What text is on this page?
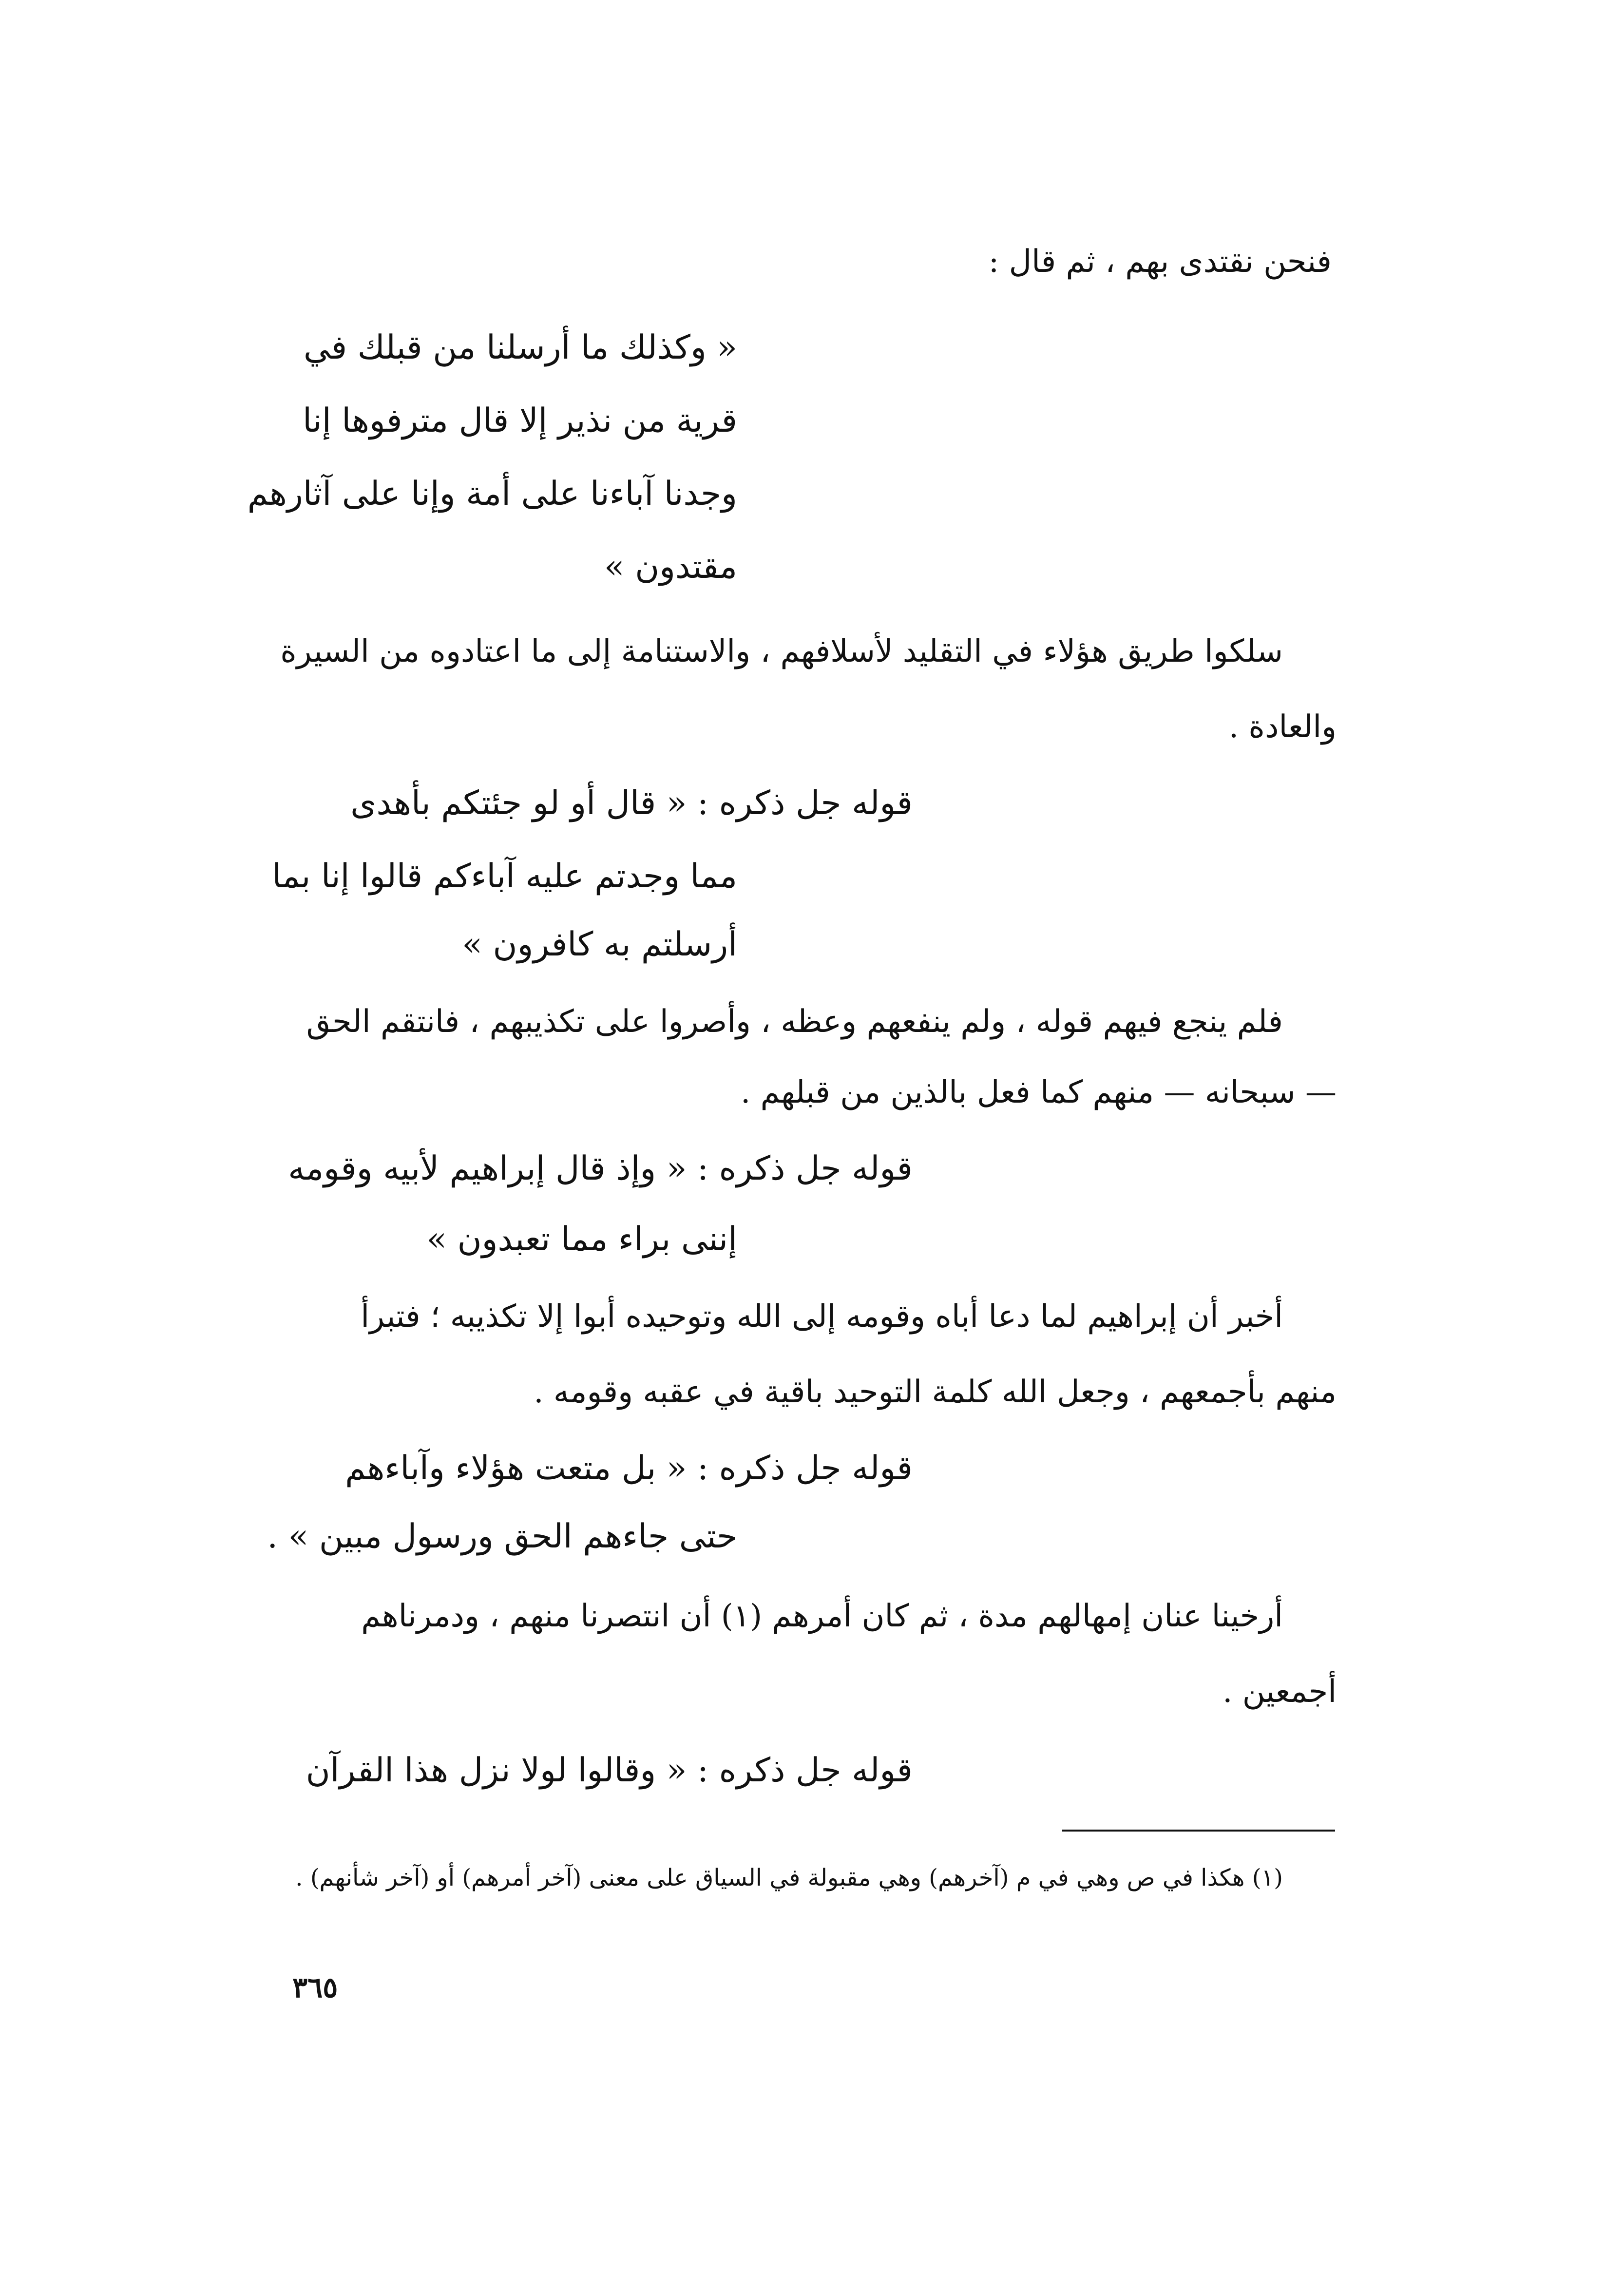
فنحن نقتدى بهم ، ثم قال :
« وكذلك ما أرسلنا من قبلك في
قرية من نذير إلا قال مترفوها إنا
وجدنا آباءنا على أمة وإنا على آثارهم
مقتدون »
سلكوا طريق هؤلاء في التقليد لأسلافهم ، والاستنامة إلى ما اعتادوه من السيرة
والعادة .
قوله جل ذكره : « قال أو لو جئتكم بأهدى
مما وجدتم عليه آباءكم قالوا إنا بما
أرسلتم به كافرون »
فلم ينجع فيهم قوله ، ولم ينفعهم وعظه ، وأصروا على تكذيبهم ، فانتقم الحق
— سبحانه — منهم كما فعل بالذين من قبلهم .
قوله جل ذكره : « وإذ قال إبراهيم لأبيه وقومه
إننى براء مما تعبدون »
أخبر أن إبراهيم لما دعا أباه وقومه إلى الله وتوحيده أبوا إلا تكذيبه ؛ فتبرأ
منهم بأجمعهم ، وجعل الله كلمة التوحيد باقية في عقبه وقومه .
قوله جل ذكره : « بل متعت هؤلاء وآباءهم
حتى جاءهم الحق ورسول مبين » .
أرخينا عنان إمهالهم مدة ، ثم كان أمرهم (١) أن انتصرنا منهم ، ودمرناهم
أجمعين .
قوله جل ذكره : « وقالوا لولا نزل هذا القرآن
(١) هكذا في ص وهي في م (آخرهم) وهي مقبولة في السياق على معنى (آخر أمرهم) أو (آخر شأنهم) .
٣٦٥
